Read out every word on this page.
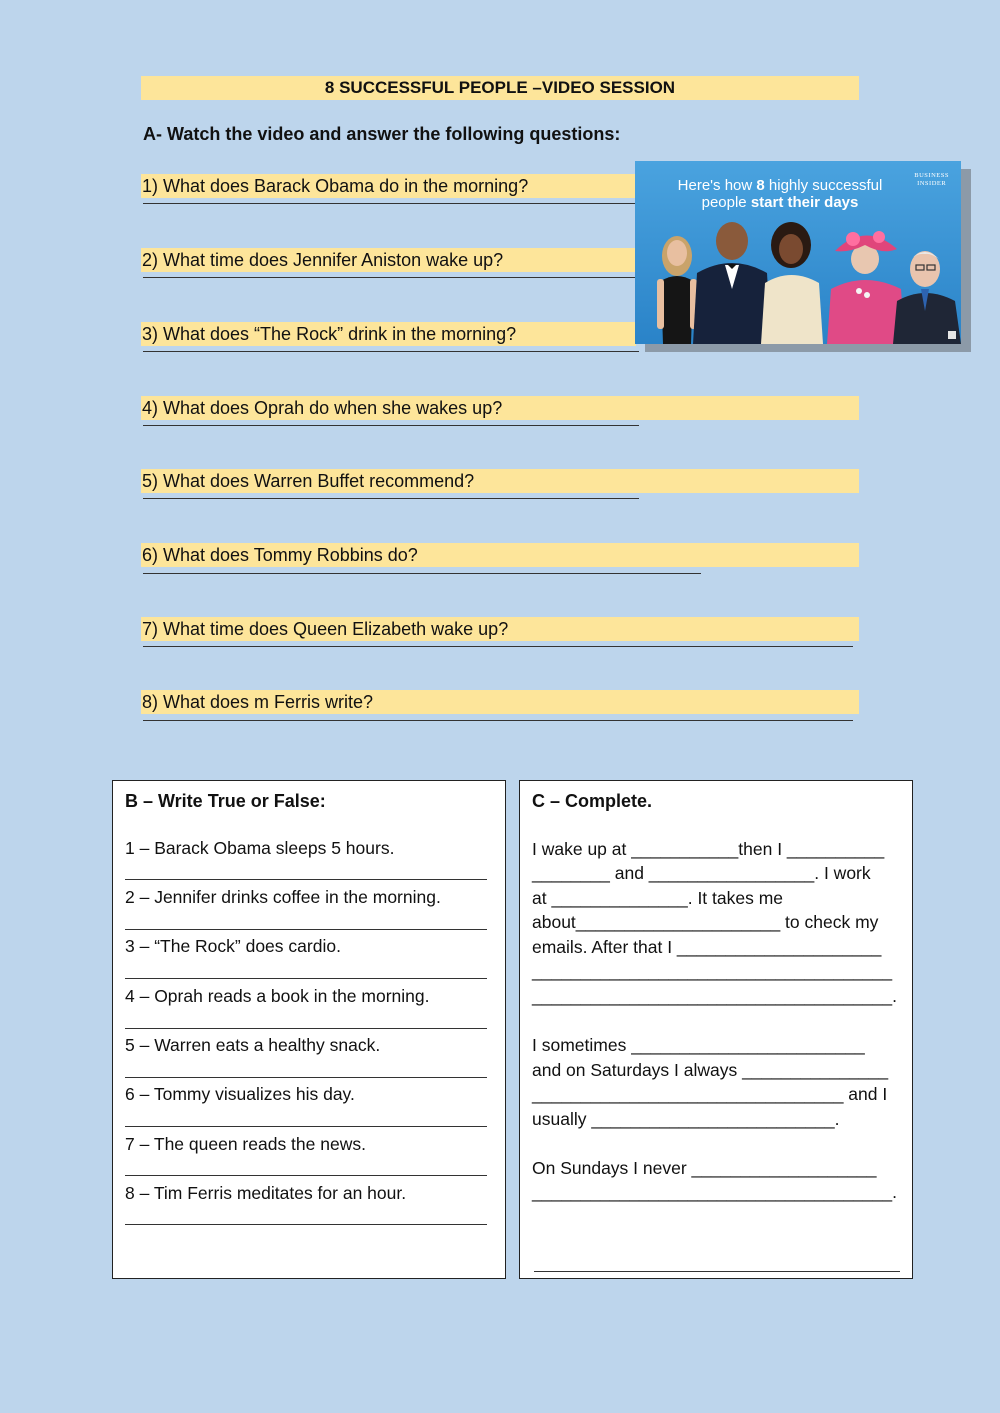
8 SUCCESSFUL PEOPLE –VIDEO SESSION
A- Watch the video and answer the following questions:
1) What does Barack Obama do in the morning?
2) What time does Jennifer Aniston wake up?
3) What does “The Rock” drink in the morning?
4) What does Oprah do when she wakes up?
5) What does Warren Buffet recommend?
6) What does Tommy Robbins do?
7) What time does Queen Elizabeth wake up?
8) What does m Ferris write?
Here's how 8 highly successful
people start their days
BUSINESS
INSIDER
B – Write True or False:
1 – Barack Obama sleeps 5 hours.
2 – Jennifer drinks coffee in the morning.
3 – “The Rock” does cardio.
4 – Oprah reads a book in the morning.
5 – Warren eats a healthy snack.
6 – Tommy visualizes his day.
7 – The queen reads the news.
8 – Tim Ferris meditates for an hour.
C – Complete.
I wake up at ___________then I __________
________ and _________________. I work
at ______________. It takes me
about_____________________ to check my
emails. After that I _____________________
_____________________________________
_____________________________________.
I sometimes ________________________
and on Saturdays I always _______________
________________________________ and I
usually _________________________.
On Sundays I never ___________________
_____________________________________.
